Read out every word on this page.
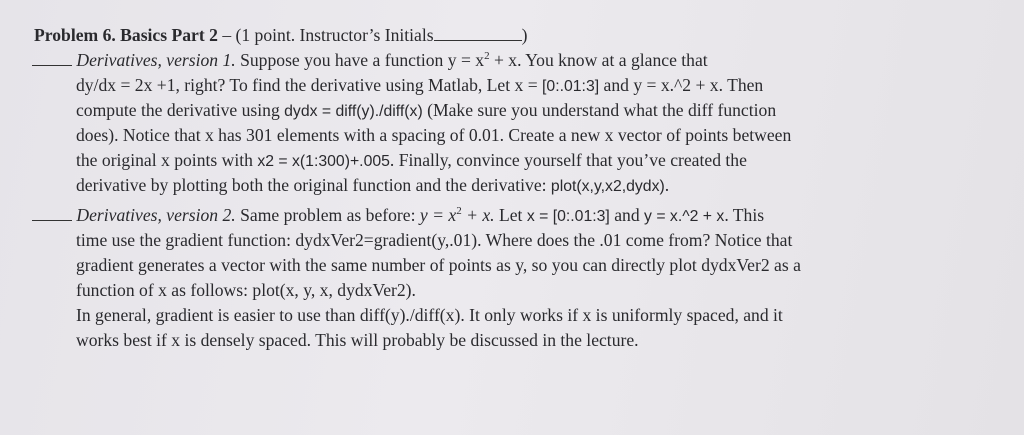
Problem 6. Basics Part 2 – (1 point. Instructor’s Initials	)
Derivatives, version 1. Suppose you have a function $y = x^2 + x$. You know at a glance that
dy/dx = 2x +1, right? To find the derivative using Matlab, Let x = [0:.01:3] and y = x.^2 + x. Then
compute the derivative using dydx = diff(y)./diff(x) (Make sure you understand what the diff function
does). Notice that x has 301 elements with a spacing of 0.01. Create a new x vector of points between
the original x points with x2 = x(1:300)+.005. Finally, convince yourself that you’ve created the
derivative by plotting both the original function and the derivative: plot(x,y,x2,dydx).
Derivatives, version 2. Same problem as before: $y = x^2 + x$. Let x = [0:.01:3] and y = x.^2 + x. This
time use the gradient function: dydxVer2=gradient(y,.01). Where does the .01 come from? Notice that
gradient generates a vector with the same number of points as y, so you can directly plot dydxVer2 as a
function of x as follows: plot(x, y, x, dydxVer2).
In general, gradient is easier to use than diff(y)./diff(x). It only works if x is uniformly spaced, and it
works best if x is densely spaced. This will probably be discussed in the lecture.
